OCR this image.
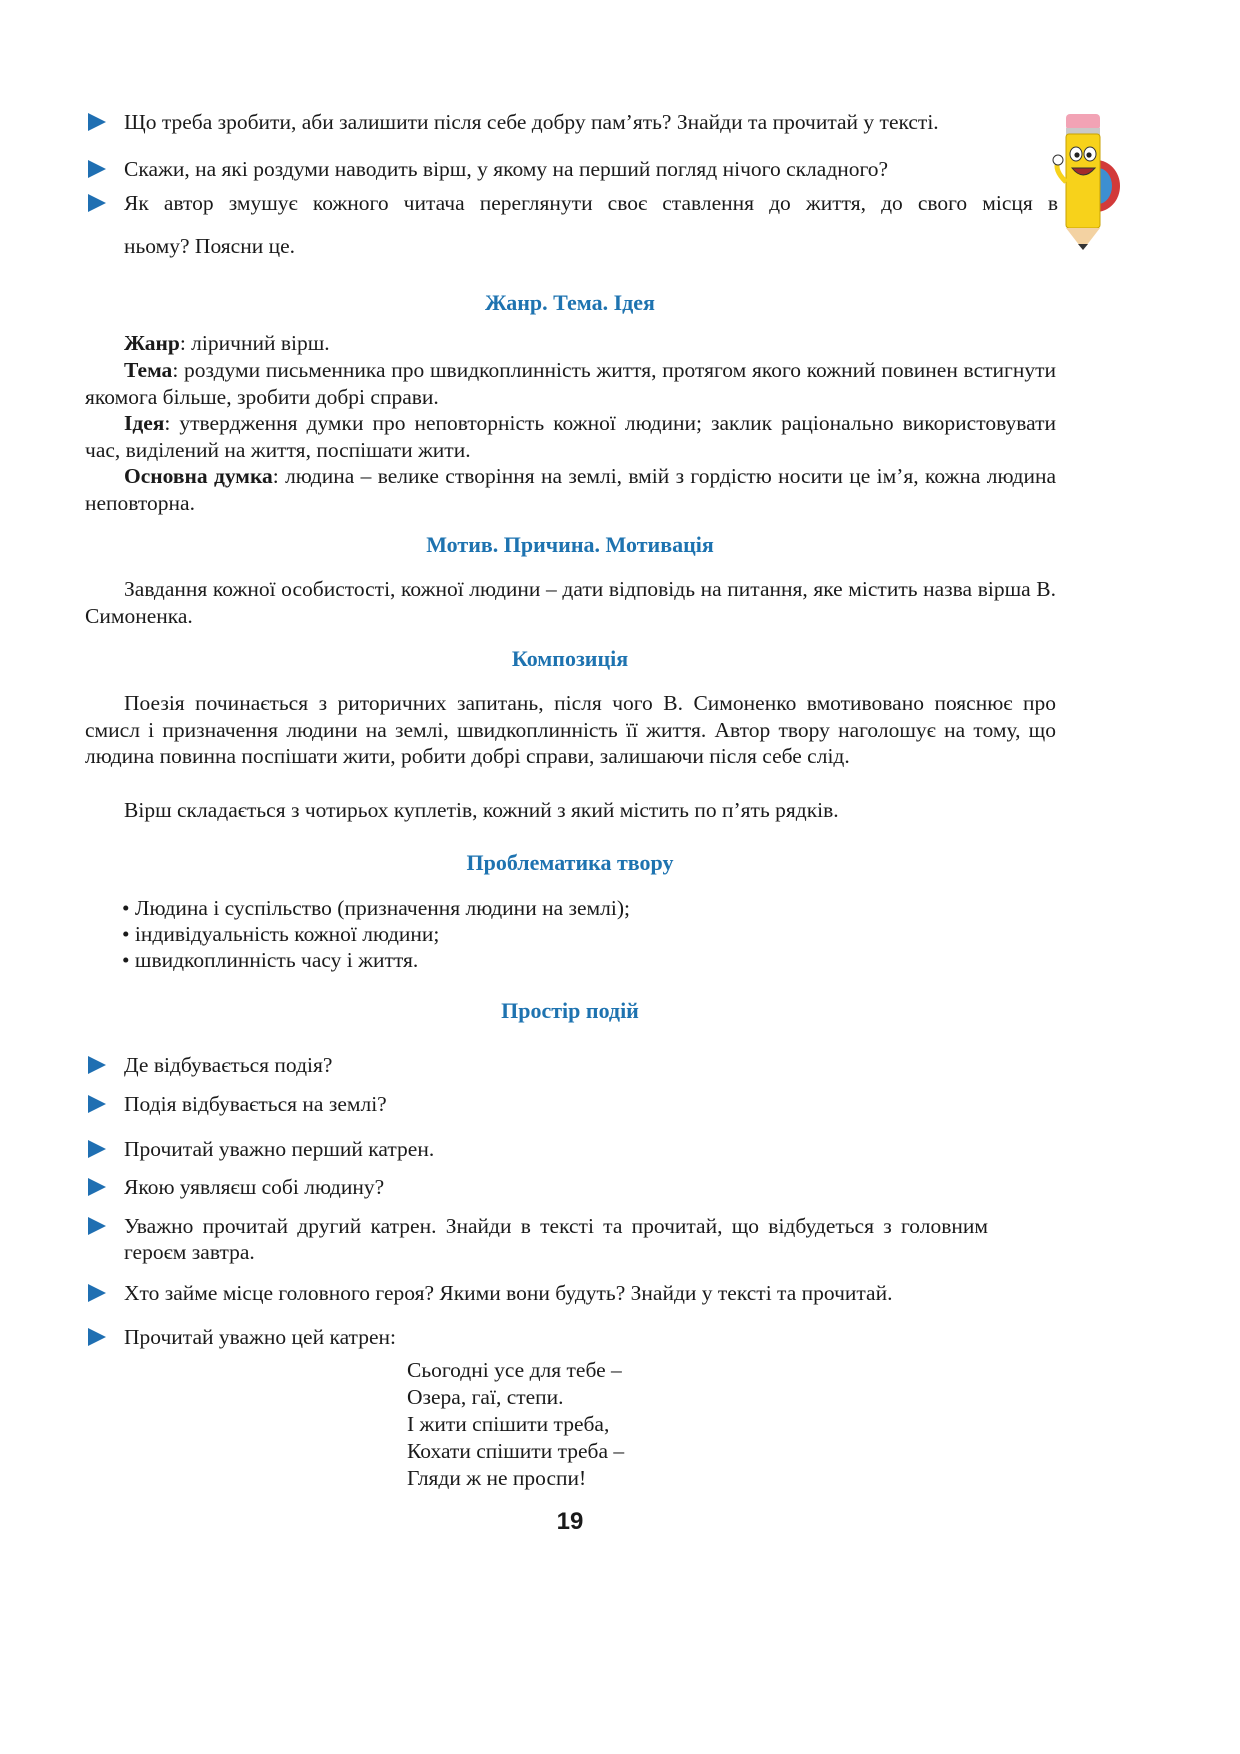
Що треба зробити, аби залишити після себе добру пам’ять? Знайди та прочитай у тексті.
Скажи, на які роздуми наводить вірш, у якому на перший погляд нічого складного?
Як автор змушує кожного читача переглянути своє ставлення до життя, до свого місця в
ньому? Поясни це.
Жанр. Тема. Ідея
Жанр: ліричний вірш.
Тема: роздуми письменника про швидкоплинність життя, протягом якого кожний повинен встигнути якомога більше, зробити добрі справи.
Ідея: утвердження думки про неповторність кожної людини; заклик раціонально використовувати час, виділений на життя, поспішати жити.
Основна думка: людина – велике створіння на землі, вмій з гордістю носити це ім’я, кожна людина неповторна.
Мотив. Причина. Мотивація
Завдання кожної особистості, кожної людини – дати відповідь на питання, яке містить назва вірша В. Симоненка.
Композиція
Поезія починається з риторичних запитань, після чого В. Симоненко вмотивовано пояснює про смисл і призначення людини на землі, швидкоплинність її життя. Автор твору наголошує на тому, що людина повинна поспішати жити, робити добрі справи, залишаючи після себе слід.
Вірш складається з чотирьох куплетів, кожний з який містить по п’ять рядків.
Проблематика твору
• Людина і суспільство (призначення людини на землі);
• індивідуальність кожної людини;
• швидкоплинність часу і життя.
Простір подій
Де відбувається подія?
Подія відбувається на землі?
Прочитай уважно перший катрен.
Якою уявляєш собі людину?
Уважно прочитай другий катрен. Знайди в тексті та прочитай, що відбудеться з головним героєм завтра.
Хто займе місце головного героя? Якими вони будуть? Знайди у тексті та прочитай.
Прочитай уважно цей катрен:
Сьогодні усе для тебе –
Озера, гаї, степи.
І жити спішити треба,
Кохати спішити треба –
Гляди ж не проспи!
19
